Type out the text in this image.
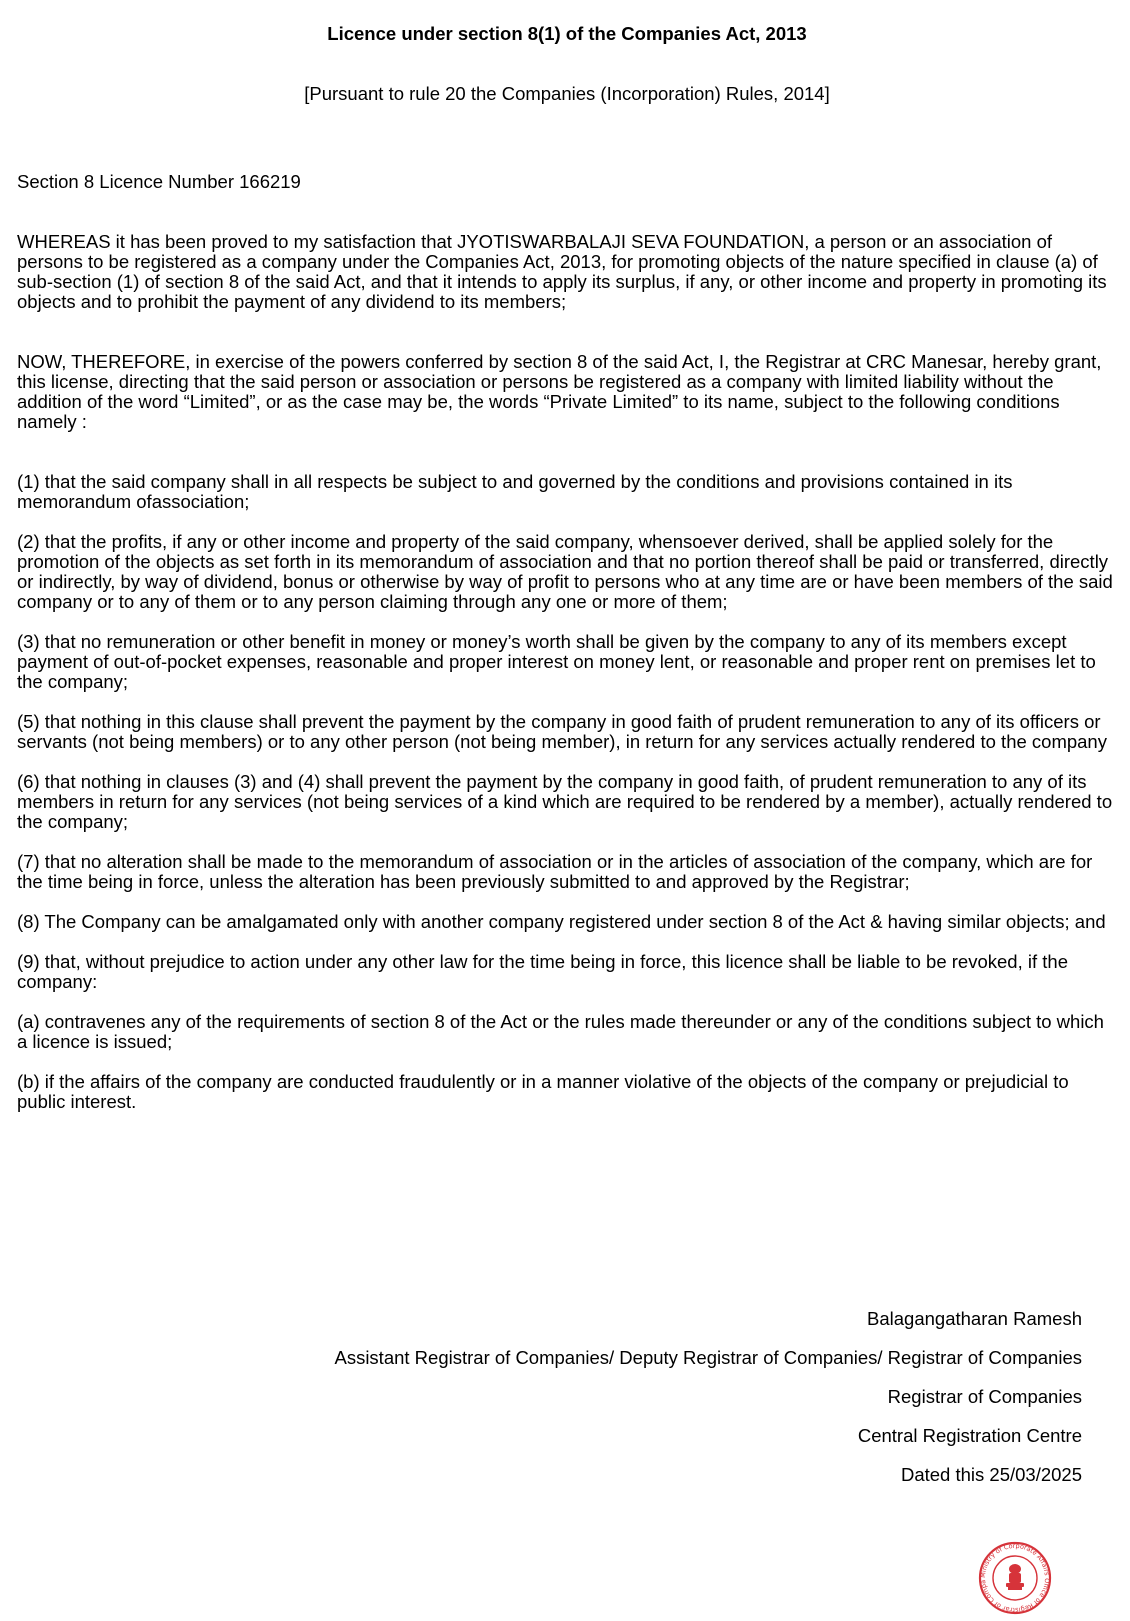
Licence under section 8(1) of the Companies Act, 2013
[Pursuant to rule 20 the Companies (Incorporation) Rules, 2014]
Section 8 Licence Number 166219

WHEREAS it has been proved to my satisfaction that JYOTISWARBALAJI SEVA FOUNDATION, a person or an association of persons to be registered as a company under the Companies Act, 2013, for promoting objects of the nature specified in clause (a) of sub-section (1) of section 8 of the said Act, and that it intends to apply its surplus, if any, or other income and property in promoting its objects and to prohibit the payment of any dividend to its members;

NOW, THEREFORE, in exercise of the powers conferred by section 8 of the said Act, I, the Registrar at CRC Manesar, hereby grant, this license, directing that the said person or association or persons be registered as a company with limited liability without the addition of the word “Limited”, or as the case may be, the words “Private Limited” to its name, subject to the following conditions namely :

(1) that the said company shall in all respects be subject to and governed by the conditions and provisions contained in its memorandum ofassociation;

(2) that the profits, if any or other income and property of the said company, whensoever derived, shall be applied solely for the promotion of the objects as set forth in its memorandum of association and that no portion thereof shall be paid or transferred, directly or indirectly, by way of dividend, bonus or otherwise by way of profit to persons who at any time are or have been members of the said company or to any of them or to any person claiming through any one or more of them;

(3) that no remuneration or other benefit in money or money’s worth shall be given by the company to any of its members except payment of out-of-pocket expenses, reasonable and proper interest on money lent, or reasonable and proper rent on premises let to the company;

(5) that nothing in this clause shall prevent the payment by the company in good faith of prudent remuneration to any of its officers or servants (not being members) or to any other person (not being member), in return for any services actually rendered to the company

(6) that nothing in clauses (3) and (4) shall prevent the payment by the company in good faith, of prudent remuneration to any of its members in return for any services (not being services of a kind which are required to be rendered by a member), actually rendered to the company;

(7) that no alteration shall be made to the memorandum of association or in the articles of association of the company, which are for the time being in force, unless the alteration has been previously submitted to and approved by the Registrar;

(8) The Company can be amalgamated only with another company registered under section 8 of the Act & having similar objects; and

(9) that, without prejudice to action under any other law for the time being in force, this licence shall be liable to be revoked, if the company:

(a) contravenes any of the requirements of section 8 of the Act or the rules made thereunder or any of the conditions subject to which a licence is issued;

(b) if the affairs of the company are conducted fraudulently or in a manner violative of the objects of the company or prejudicial to public interest.

Balagangatharan Ramesh
Assistant Registrar of Companies/ Deputy Registrar of Companies/ Registrar of Companies
Registrar of Companies
Central Registration Centre
Dated this 25/03/2025
Ministry of Corporate Affairs
Office of Registrar of Compa
